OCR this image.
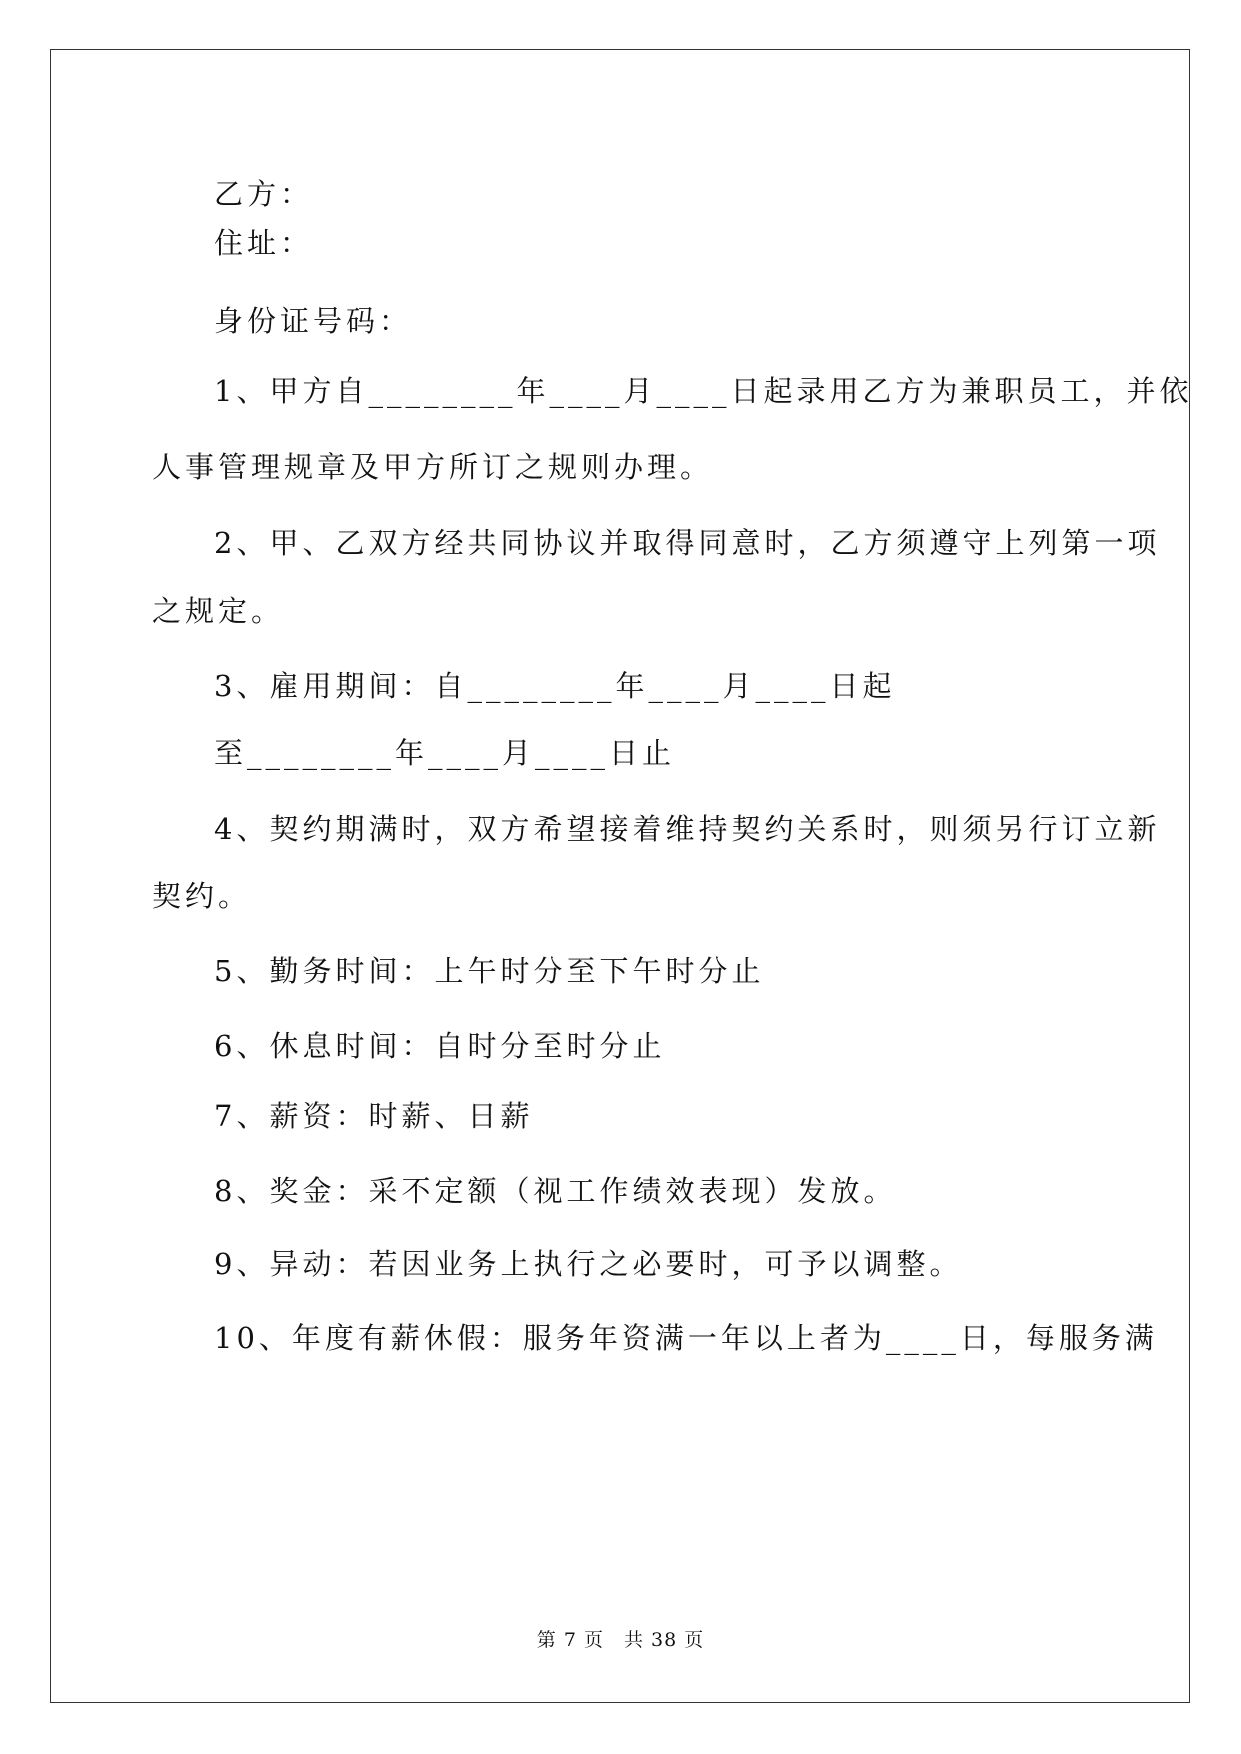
乙方：

住址：

身份证号码：

1、甲方自________年____月____日起录用乙方为兼职员工，并依

人事管理规章及甲方所订之规则办理。

2、甲、乙双方经共同协议并取得同意时，乙方须遵守上列第一项

之规定。

3、雇用期间：自________年____月____日起

至________年____月____日止

4、契约期满时，双方希望接着维持契约关系时，则须另行订立新

契约。

5、勤务时间：上午时分至下午时分止

6、休息时间：自时分至时分止

7、薪资：时薪、日薪

8、奖金：采不定额（视工作绩效表现）发放。

9、异动：若因业务上执行之必要时，可予以调整。

10、年度有薪休假：服务年资满一年以上者为____日，每服务满

第 7 页　共 38 页
